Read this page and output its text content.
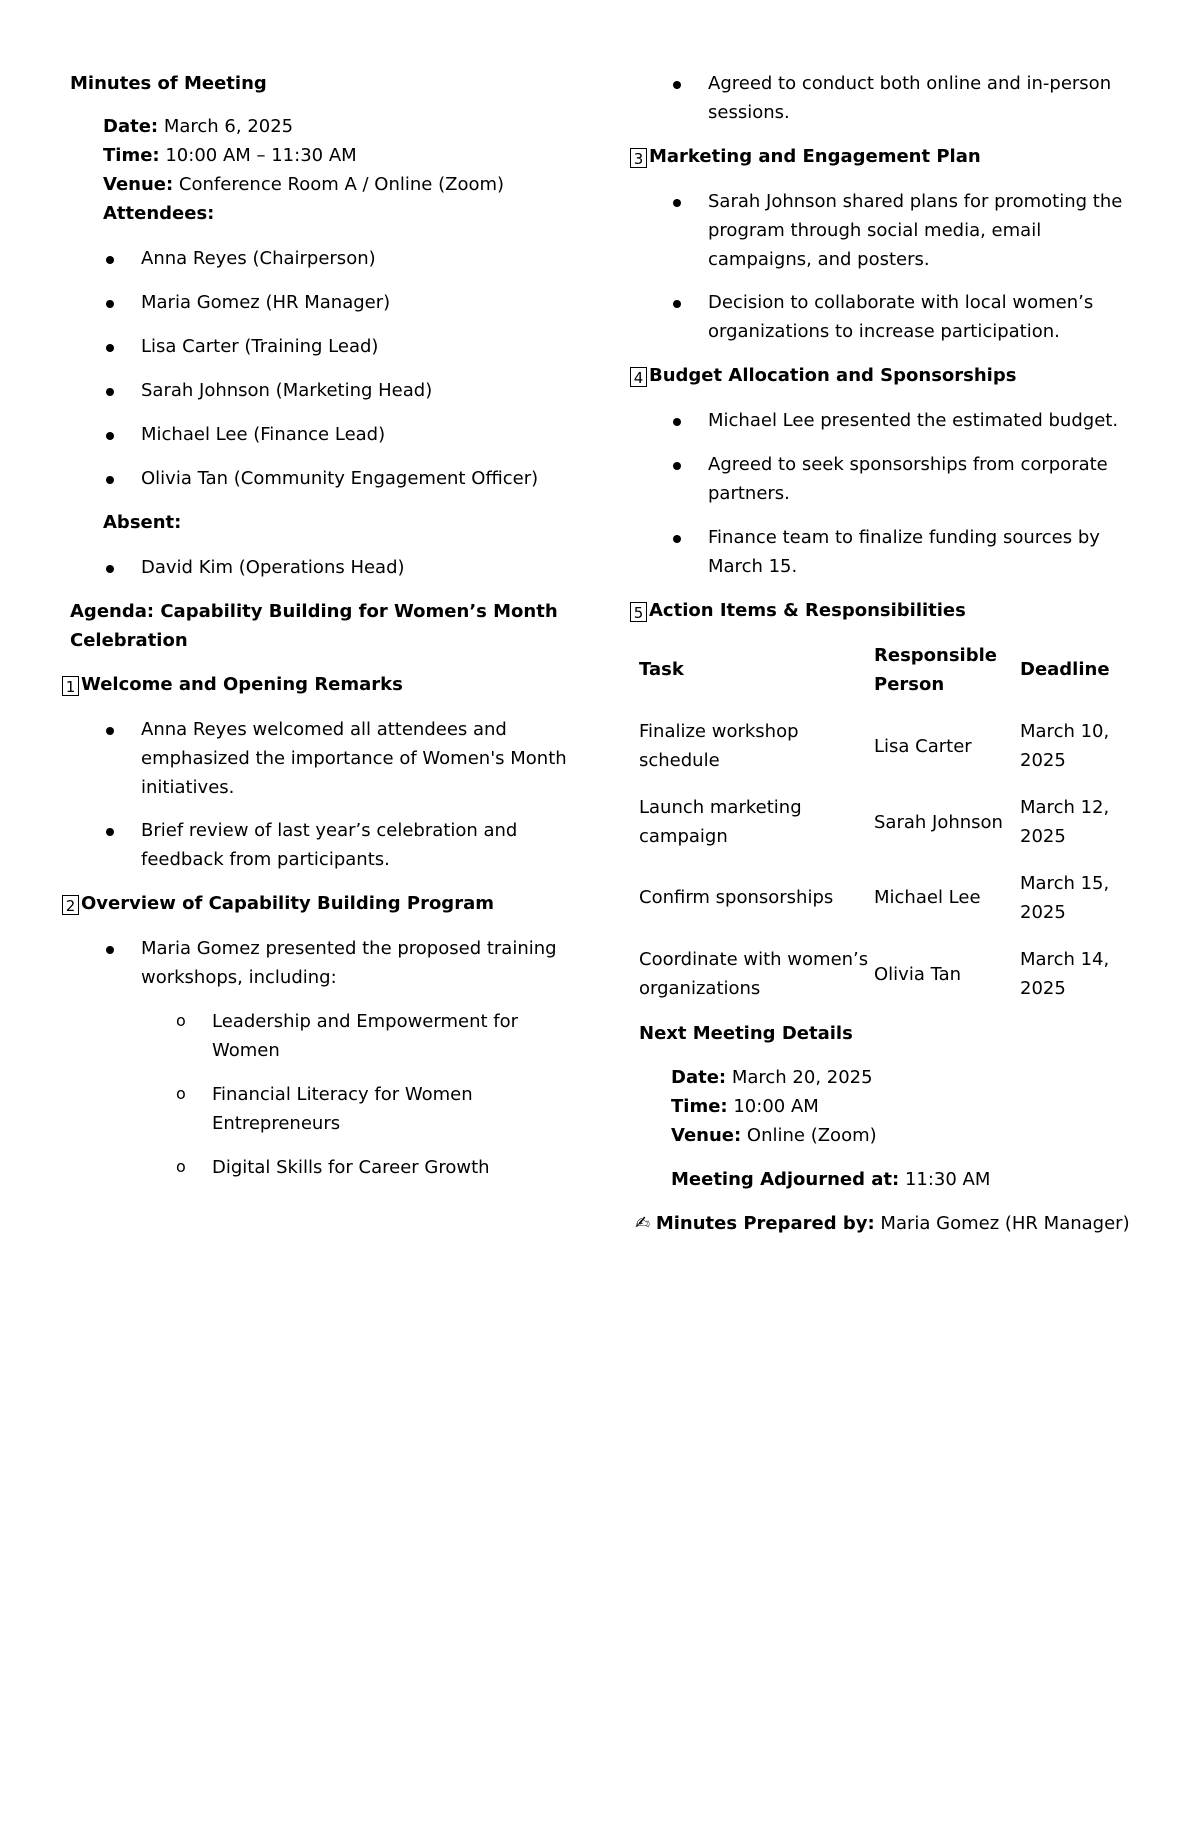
Minutes of Meeting
Date: March 6, 2025
Time: 10:00 AM – 11:30 AM
Venue: Conference Room A / Online (Zoom)
Attendees:
Anna Reyes (Chairperson)
Maria Gomez (HR Manager)
Lisa Carter (Training Lead)
Sarah Johnson (Marketing Head)
Michael Lee (Finance Lead)
Olivia Tan (Community Engagement Officer)
Absent:
David Kim (Operations Head)
Agenda: Capability Building for Women’s Month
Celebration
1 Welcome and Opening Remarks
Anna Reyes welcomed all attendees and
emphasized the importance of Women's Month
initiatives.
Brief review of last year’s celebration and
feedback from participants.
2 Overview of Capability Building Program
Maria Gomez presented the proposed training
workshops, including:
o Leadership and Empowerment for
Women
o Financial Literacy for Women
Entrepreneurs
o Digital Skills for Career Growth
Agreed to conduct both online and in-person
sessions.
3 Marketing and Engagement Plan
Sarah Johnson shared plans for promoting the
program through social media, email
campaigns, and posters.
Decision to collaborate with local women’s
organizations to increase participation.
4 Budget Allocation and Sponsorships
Michael Lee presented the estimated budget.
Agreed to seek sponsorships from corporate
partners.
Finance team to finalize funding sources by
March 15.
5 Action Items & Responsibilities
Task
Responsible
Person
Deadline
Finalize workshop
schedule
Lisa Carter
March 10,
2025
Launch marketing
campaign
Sarah Johnson
March 12,
2025
Confirm sponsorships Michael Lee
March 15,
2025
Coordinate with women’s
organizations
Olivia Tan
March 14,
2025
Next Meeting Details
Date: March 20, 2025
Time: 10:00 AM
Venue: Online (Zoom)
Meeting Adjourned at: 11:30 AM
✍ Minutes Prepared by: Maria Gomez (HR Manager)
